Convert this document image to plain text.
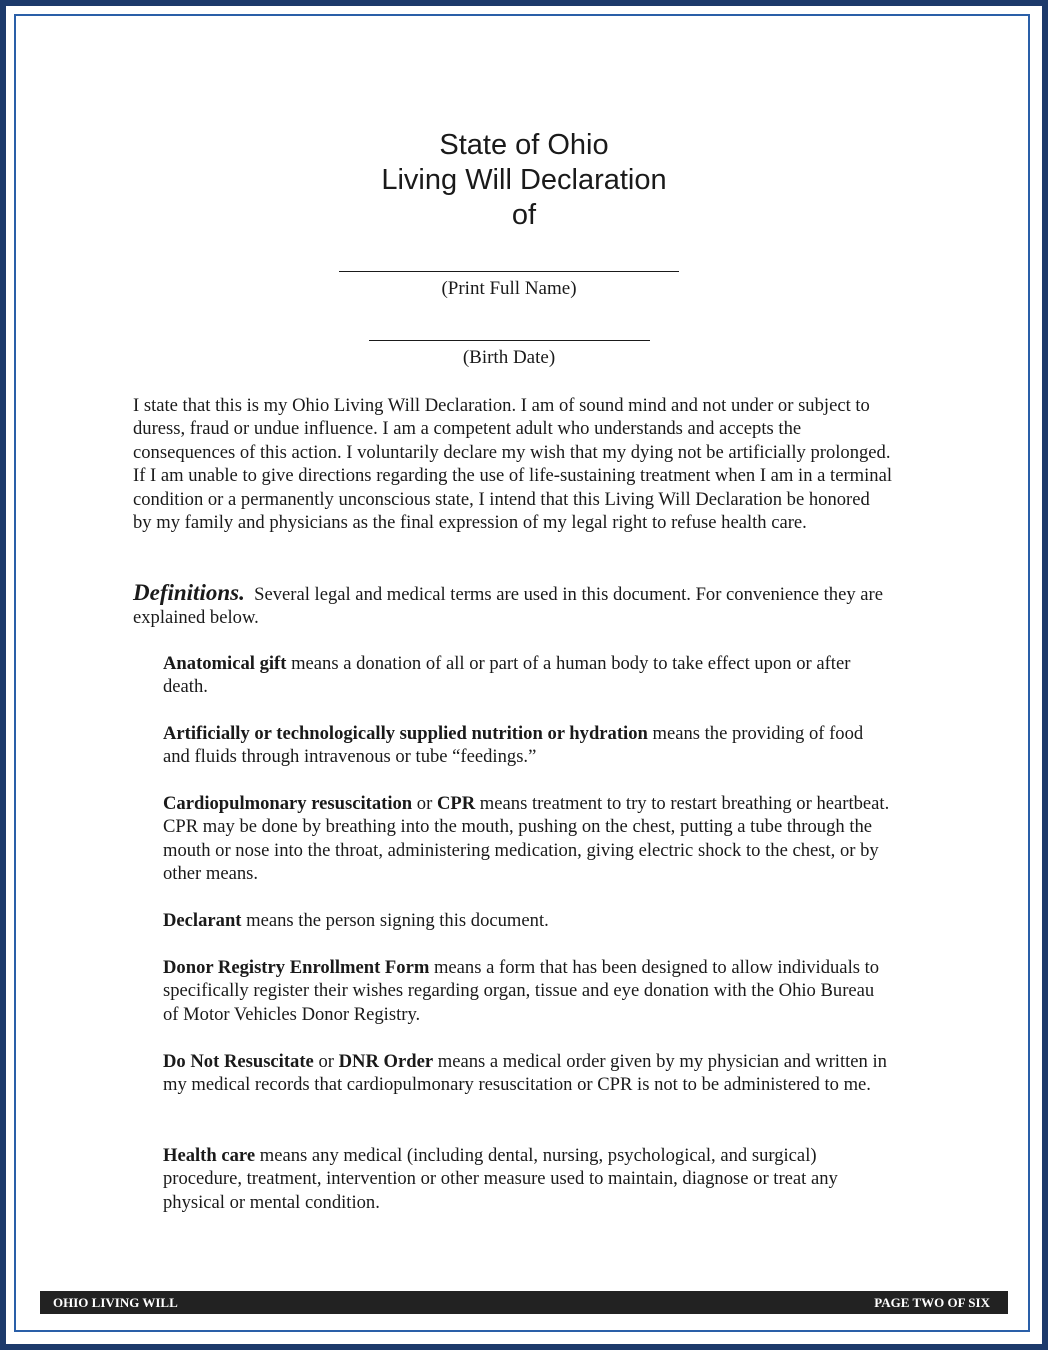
State of Ohio
Living Will Declaration
of
(Print Full Name)
(Birth Date)

I state that this is my Ohio Living Will Declaration. I am of sound mind and not under or subject to duress, fraud or undue influence. I am a competent adult who understands and accepts the consequences of this action. I voluntarily declare my wish that my dying not be artificially prolonged. If I am unable to give directions regarding the use of life-sustaining treatment when I am in a terminal condition or a permanently unconscious state, I intend that this Living Will Declaration be honored by my family and physicians as the final expression of my legal right to refuse health care.

Definitions. Several legal and medical terms are used in this document. For convenience they are explained below.

Anatomical gift means a donation of all or part of a human body to take effect upon or after death.

Artificially or technologically supplied nutrition or hydration means the providing of food and fluids through intravenous or tube “feedings.”

Cardiopulmonary resuscitation or CPR means treatment to try to restart breathing or heartbeat. CPR may be done by breathing into the mouth, pushing on the chest, putting a tube through the mouth or nose into the throat, administering medication, giving electric shock to the chest, or by other means.

Declarant means the person signing this document.

Donor Registry Enrollment Form means a form that has been designed to allow individuals to specifically register their wishes regarding organ, tissue and eye donation with the Ohio Bureau of Motor Vehicles Donor Registry.

Do Not Resuscitate or DNR Order means a medical order given by my physician and written in my medical records that cardiopulmonary resuscitation or CPR is not to be administered to me.

Health care means any medical (including dental, nursing, psychological, and surgical) procedure, treatment, intervention or other measure used to maintain, diagnose or treat any physical or mental condition.

OHIO LIVING WILL	PAGE TWO OF SIX
